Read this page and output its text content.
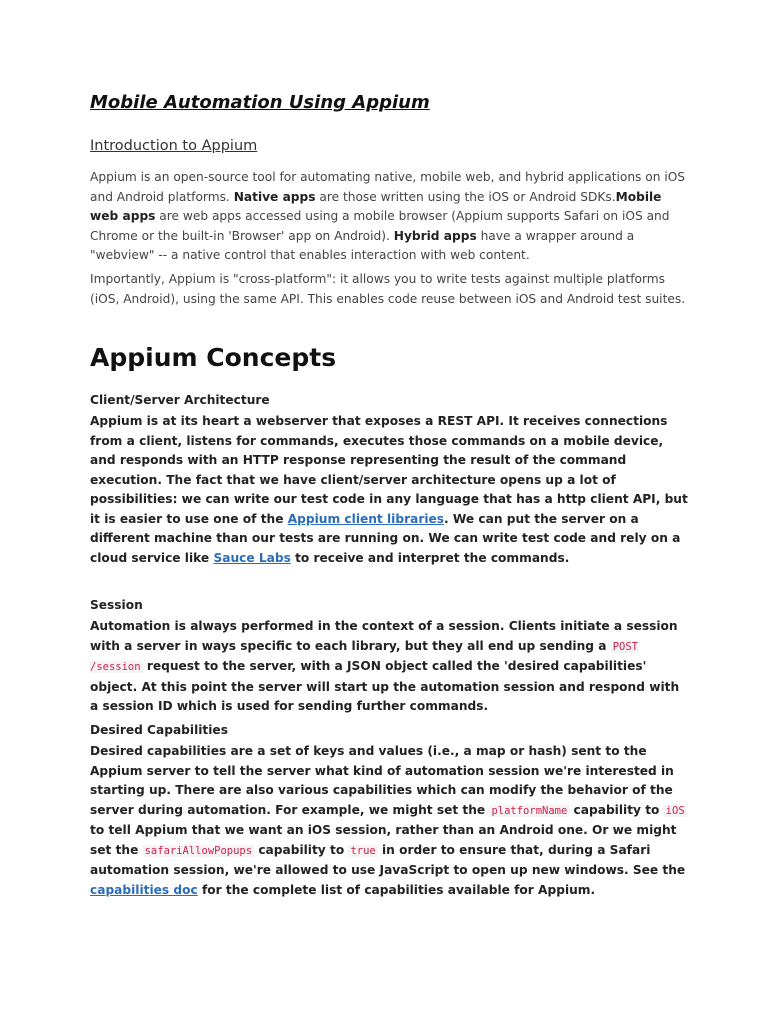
Mobile Automation Using Appium
Introduction to Appium

Appium is an open-source tool for automating native, mobile web, and hybrid applications on iOS and Android platforms. Native apps are those written using the iOS or Android SDKs.Mobile web apps are web apps accessed using a mobile browser (Appium supports Safari on iOS and Chrome or the built-in 'Browser' app on Android). Hybrid apps have a wrapper around a "webview" -- a native control that enables interaction with web content.

Importantly, Appium is "cross-platform": it allows you to write tests against multiple platforms (iOS, Android), using the same API. This enables code reuse between iOS and Android test suites.

Appium Concepts
Client/Server Architecture

Appium is at its heart a webserver that exposes a REST API. It receives connections from a client, listens for commands, executes those commands on a mobile device, and responds with an HTTP response representing the result of the command execution. The fact that we have client/server architecture opens up a lot of possibilities: we can write our test code in any language that has a http client API, but it is easier to use one of the Appium client libraries. We can put the server on a different machine than our tests are running on. We can write test code and rely on a cloud service like Sauce Labs to receive and interpret the commands.

Session

Automation is always performed in the context of a session. Clients initiate a session with a server in ways specific to each library, but they all end up sending a POST /session request to the server, with a JSON object called the 'desired capabilities' object. At this point the server will start up the automation session and respond with a session ID which is used for sending further commands.

Desired Capabilities

Desired capabilities are a set of keys and values (i.e., a map or hash) sent to the Appium server to tell the server what kind of automation session we're interested in starting up. There are also various capabilities which can modify the behavior of the server during automation. For example, we might set the platformName capability to iOS to tell Appium that we want an iOS session, rather than an Android one. Or we might set the safariAllowPopups capability to true in order to ensure that, during a Safari automation session, we're allowed to use JavaScript to open up new windows. See the capabilities doc for the complete list of capabilities available for Appium.
